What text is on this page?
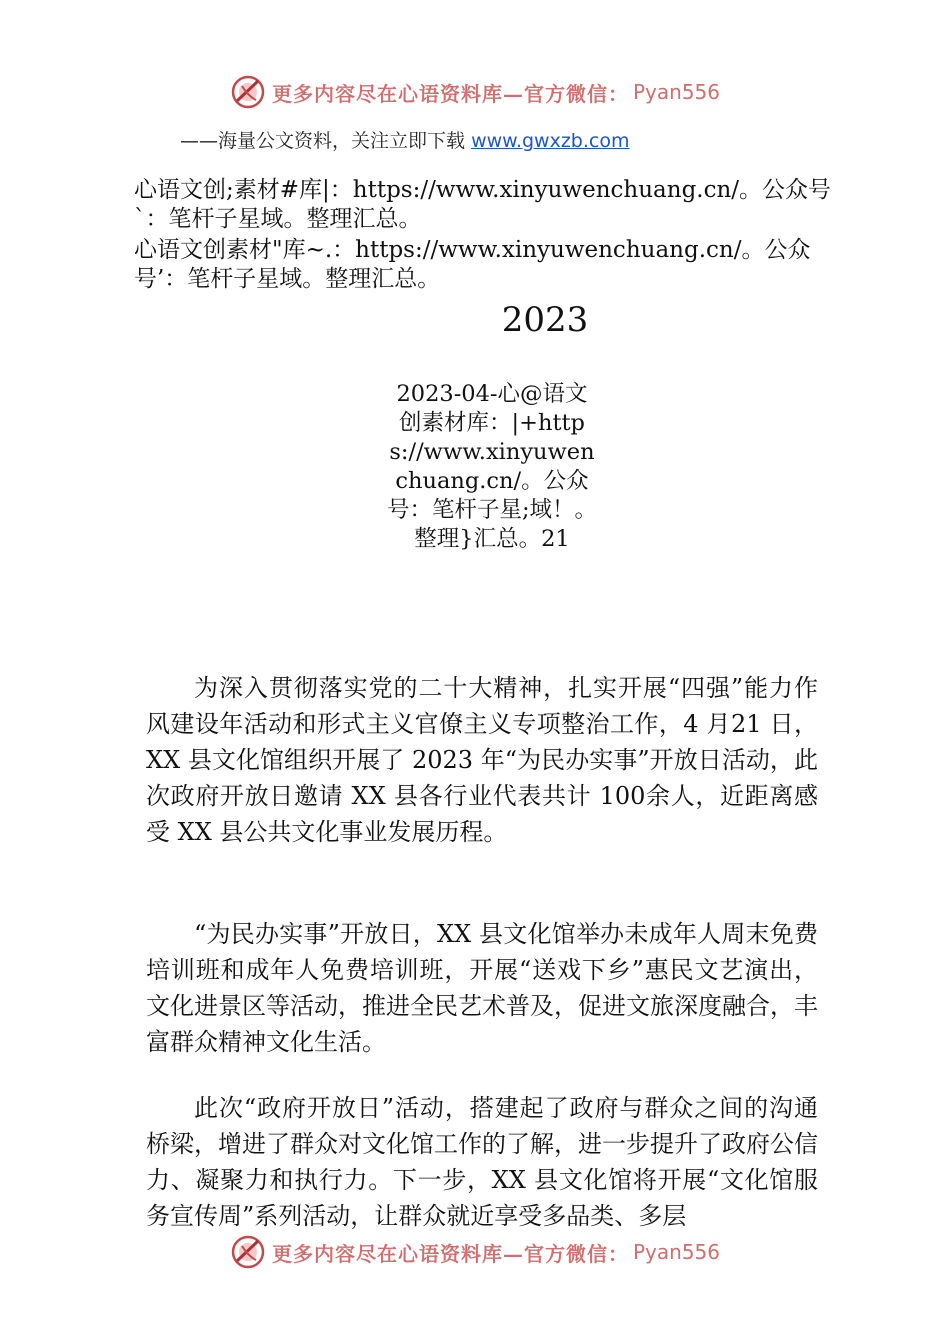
更多内容尽在心语资料库—官方微信： Pyan556
——海量公文资料，关注立即下载 www.gwxzb.com
心语文创;素材#库|：https://www.xinyuwenchuang.cn/。公众号`：笔杆子星域。整理汇总。
心语文创素材"库~.：https://www.xinyuwenchuang.cn/。公众号’：笔杆子星域。整理汇总。
2023
2023-04-心@语文创素材库：|+https://www.xinyuwenchuang.cn/。公众号：笔杆子星;域！。整理}汇总。21

为深入贯彻落实党的二十大精神，扎实开展“四强”能力作风建设年活动和形式主义官僚主义专项整治工作，4 月21 日，XX 县文化馆组织开展了 2023 年“为民办实事”开放日活动，此次政府开放日邀请 XX 县各行业代表共计 100余人，近距离感受 XX 县公共文化事业发展历程。

“为民办实事”开放日，XX 县文化馆举办未成年人周末免费培训班和成年人免费培训班，开展“送戏下乡”惠民文艺演出，文化进景区等活动，推进全民艺术普及，促进文旅深度融合，丰富群众精神文化生活。

此次“政府开放日”活动，搭建起了政府与群众之间的沟通桥梁，增进了群众对文化馆工作的了解，进一步提升了政府公信力、凝聚力和执行力。下一步，XX 县文化馆将开展“文化馆服务宣传周”系列活动，让群众就近享受多品类、多层

更多内容尽在心语资料库—官方微信： Pyan556
